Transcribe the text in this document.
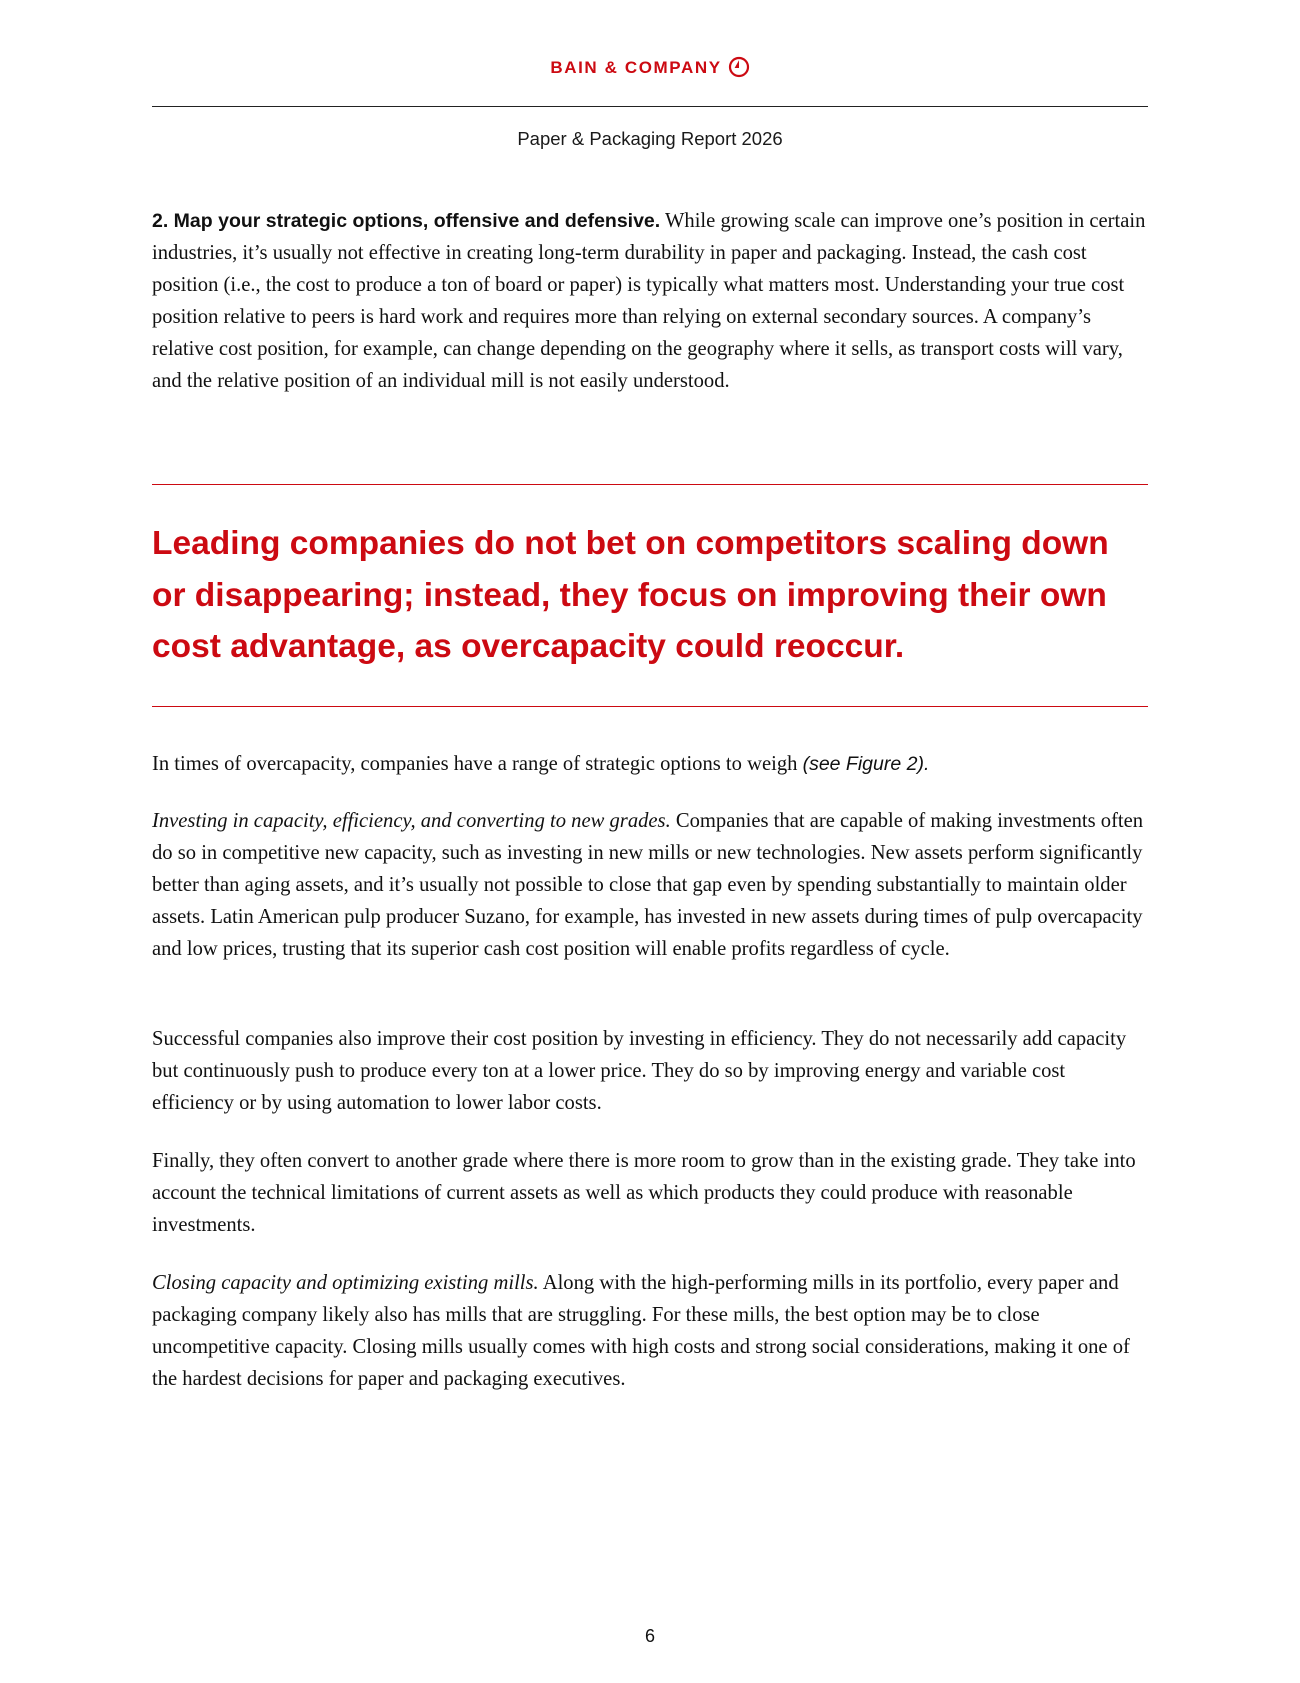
BAIN & COMPANY
Paper & Packaging Report 2026

2. Map your strategic options, offensive and defensive. While growing scale can improve one’s position in certain industries, it’s usually not effective in creating long-term durability in paper and packaging. Instead, the cash cost position (i.e., the cost to produce a ton of board or paper) is typically what matters most. Understanding your true cost position relative to peers is hard work and requires more than relying on external secondary sources. A company’s relative cost position, for example, can change depending on the geography where it sells, as transport costs will vary, and the relative position of an individual mill is not easily understood.

Leading companies do not bet on competitors scaling down or disappearing; instead, they focus on improving their own cost advantage, as overcapacity could reoccur.

In times of overcapacity, companies have a range of strategic options to weigh (see Figure 2).

Investing in capacity, efficiency, and converting to new grades. Companies that are capable of making investments often do so in competitive new capacity, such as investing in new mills or new technologies. New assets perform significantly better than aging assets, and it’s usually not possible to close that gap even by spending substantially to maintain older assets. Latin American pulp producer Suzano, for example, has invested in new assets during times of pulp overcapacity and low prices, trusting that its superior cash cost position will enable profits regardless of cycle.

Successful companies also improve their cost position by investing in efficiency. They do not necessarily add capacity but continuously push to produce every ton at a lower price. They do so by improving energy and variable cost efficiency or by using automation to lower labor costs.

Finally, they often convert to another grade where there is more room to grow than in the existing grade. They take into account the technical limitations of current assets as well as which products they could produce with reasonable investments.

Closing capacity and optimizing existing mills. Along with the high-performing mills in its portfolio, every paper and packaging company likely also has mills that are struggling. For these mills, the best option may be to close uncompetitive capacity. Closing mills usually comes with high costs and strong social considerations, making it one of the hardest decisions for paper and packaging executives.

6
